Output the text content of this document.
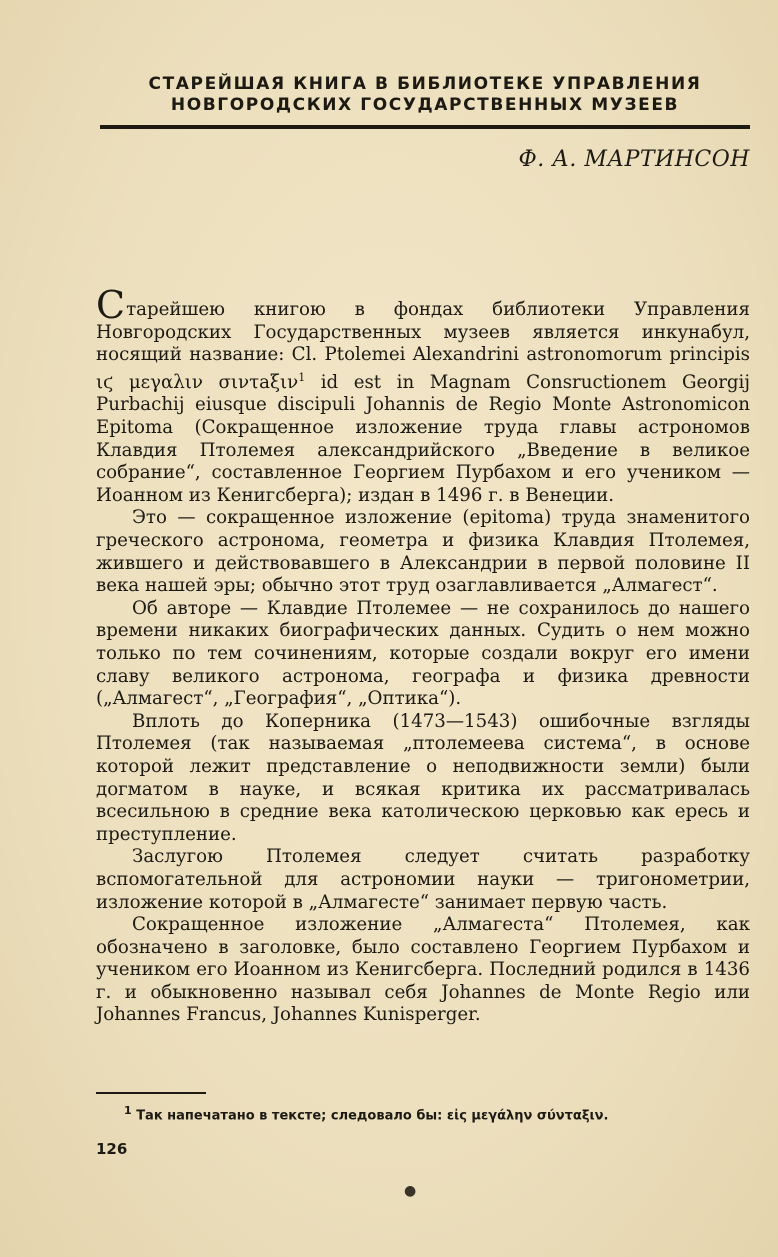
СТАРЕЙШАЯ КНИГА В БИБЛИОТЕКЕ УПРАВЛЕНИЯ
НОВГОРОДСКИХ ГОСУДАРСТВЕННЫХ МУЗЕЕВ
Ф. А. МАРТИНСОН

Старейшею книгою в фондах библиотеки Управления Новгородских Государственных музеев является инкунабул, носящий название: Cl. Ptolemei Alexandrini astronomorum principis ιϛ μεγαλιν σιντaξιν$^1$ id est in Magnam Consructionem Georgij Purbachij eiusque discipuli Johannis de Regio Monte Astronomicon Epitoma (Сокращенное изложение труда главы астрономов Клавдия Птолемея александрийского „Введение в великое собрание“, составленное Георгием Пурбахом и его учеником — Иоанном из Кенигсберга); издан в 1496 г. в Венеции.

Это — сокращенное изложение (epitoma) труда знаменитого греческого астронома, геометра и физика Клавдия Птолемея, жившего и действовавшего в Александрии в первой половине II века нашей эры; обычно этот труд озаглавливается „Алмагест“.

Об авторе — Клавдие Птолемее — не сохранилось до нашего времени никаких биографических данных. Судить о нем можно только по тем сочинениям, которые создали вокруг его имени славу великого астронома, географа и физика древности („Алмагест“, „География“, „Оптика“).

Вплоть до Коперника (1473—1543) ошибочные взгляды Птолемея (так называемая „птолемеева система“, в основе которой лежит представление о неподвижности земли) были догматом в науке, и всякая критика их рассматривалась всесильною в средние века католическою церковью как ересь и преступление.

Заслугою Птолемея следует считать разработку вспомогательной для астрономии науки — тригонометрии, изложение которой в „Алмагесте“ занимает первую часть.

Сокращенное изложение „Алмагеста“ Птолемея, как обозначено в заголовке, было составлено Георгием Пурбахом и учеником его Иоанном из Кенигсберга. Последний родился в 1436 г. и обыкновенно называл себя Johannes de Monte Regio или Johannes Francus, Johannes Kunisperger.

$^1$ Так напечатано в тексте; следовало бы: εἰς μεγάλην σύνταξιν.
126
●
